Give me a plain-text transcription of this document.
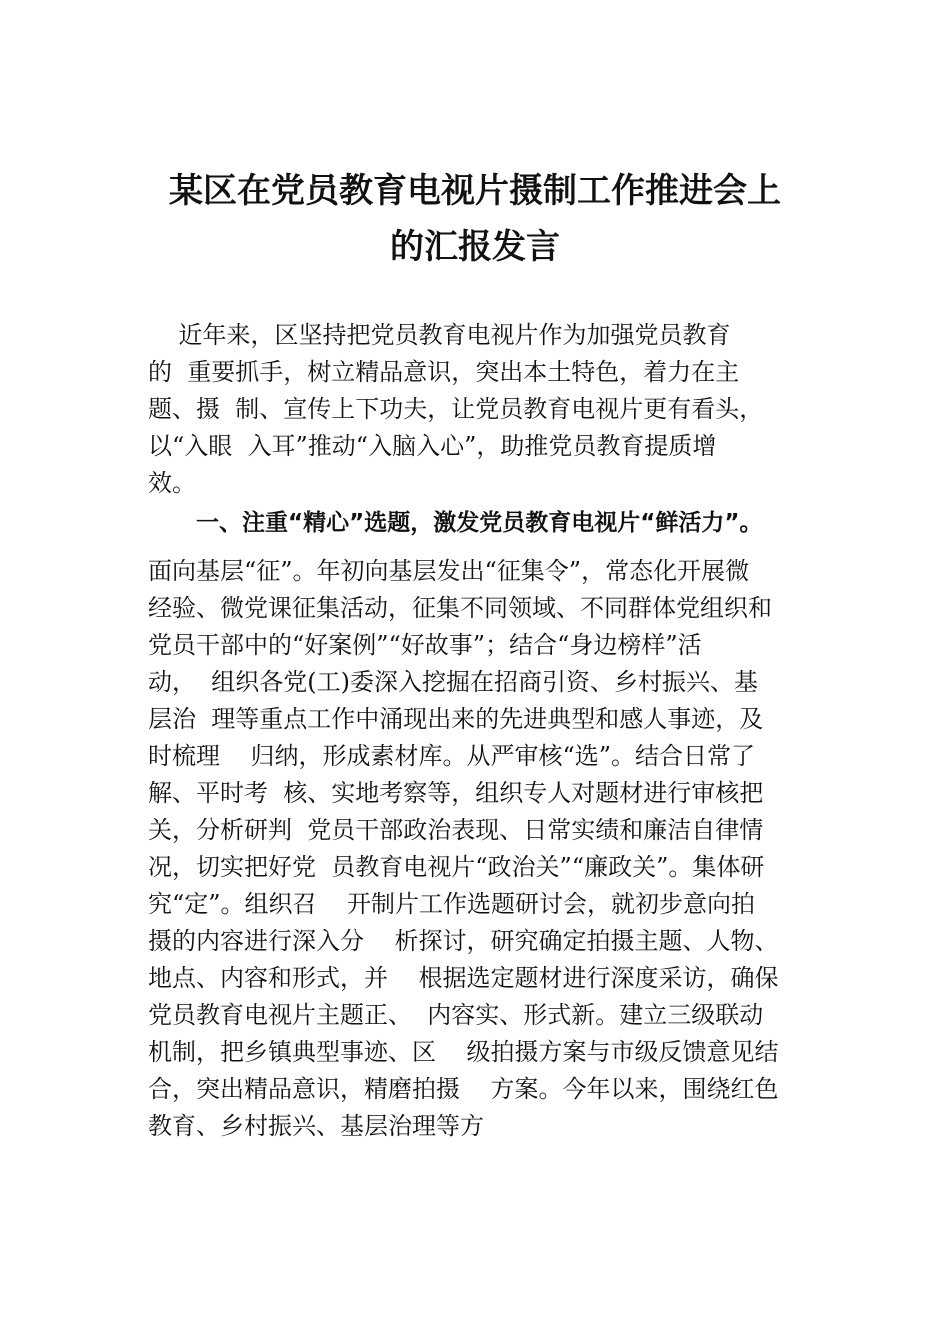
某区在党员教育电视片摄制工作推进会上
的汇报发言
近年来，区坚持把党员教育电视片作为加强党员教育
的  重要抓手，树立精品意识，突出本土特色，着力在主
题、摄  制、宣传上下功夫，让党员教育电视片更有看头，
以“入眼  入耳”推动“入脑入心”，助推党员教育提质增
效。
一、注重“精心”选题，激发党员教育电视片“鲜活力”。
面向基层“征”。年初向基层发出“征集令”，常态化开展微
经验、微党课征集活动，征集不同领域、不同群体党组织和
党员干部中的“好案例”“好故事”；结合“身边榜样”活
动，  组织各党(工)委深入挖掘在招商引资、乡村振兴、基
层治  理等重点工作中涌现出来的先进典型和感人事迹，及
时梳理    归纳，形成素材库。从严审核“选”。结合日常了
解、平时考  核、实地考察等，组织专人对题材进行审核把
关，分析研判  党员干部政治表现、日常实绩和廉洁自律情
况，切实把好党  员教育电视片“政治关”“廉政关”。集体研
究“定”。组织召    开制片工作选题研讨会，就初步意向拍
摄的内容进行深入分    析探讨，研究确定拍摄主题、人物、
地点、内容和形式，并    根据选定题材进行深度采访，确保
党员教育电视片主题正、  内容实、形式新。建立三级联动
机制，把乡镇典型事迹、区    级拍摄方案与市级反馈意见结
合，突出精品意识，精磨拍摄    方案。今年以来，围绕红色
教育、乡村振兴、基层治理等方
